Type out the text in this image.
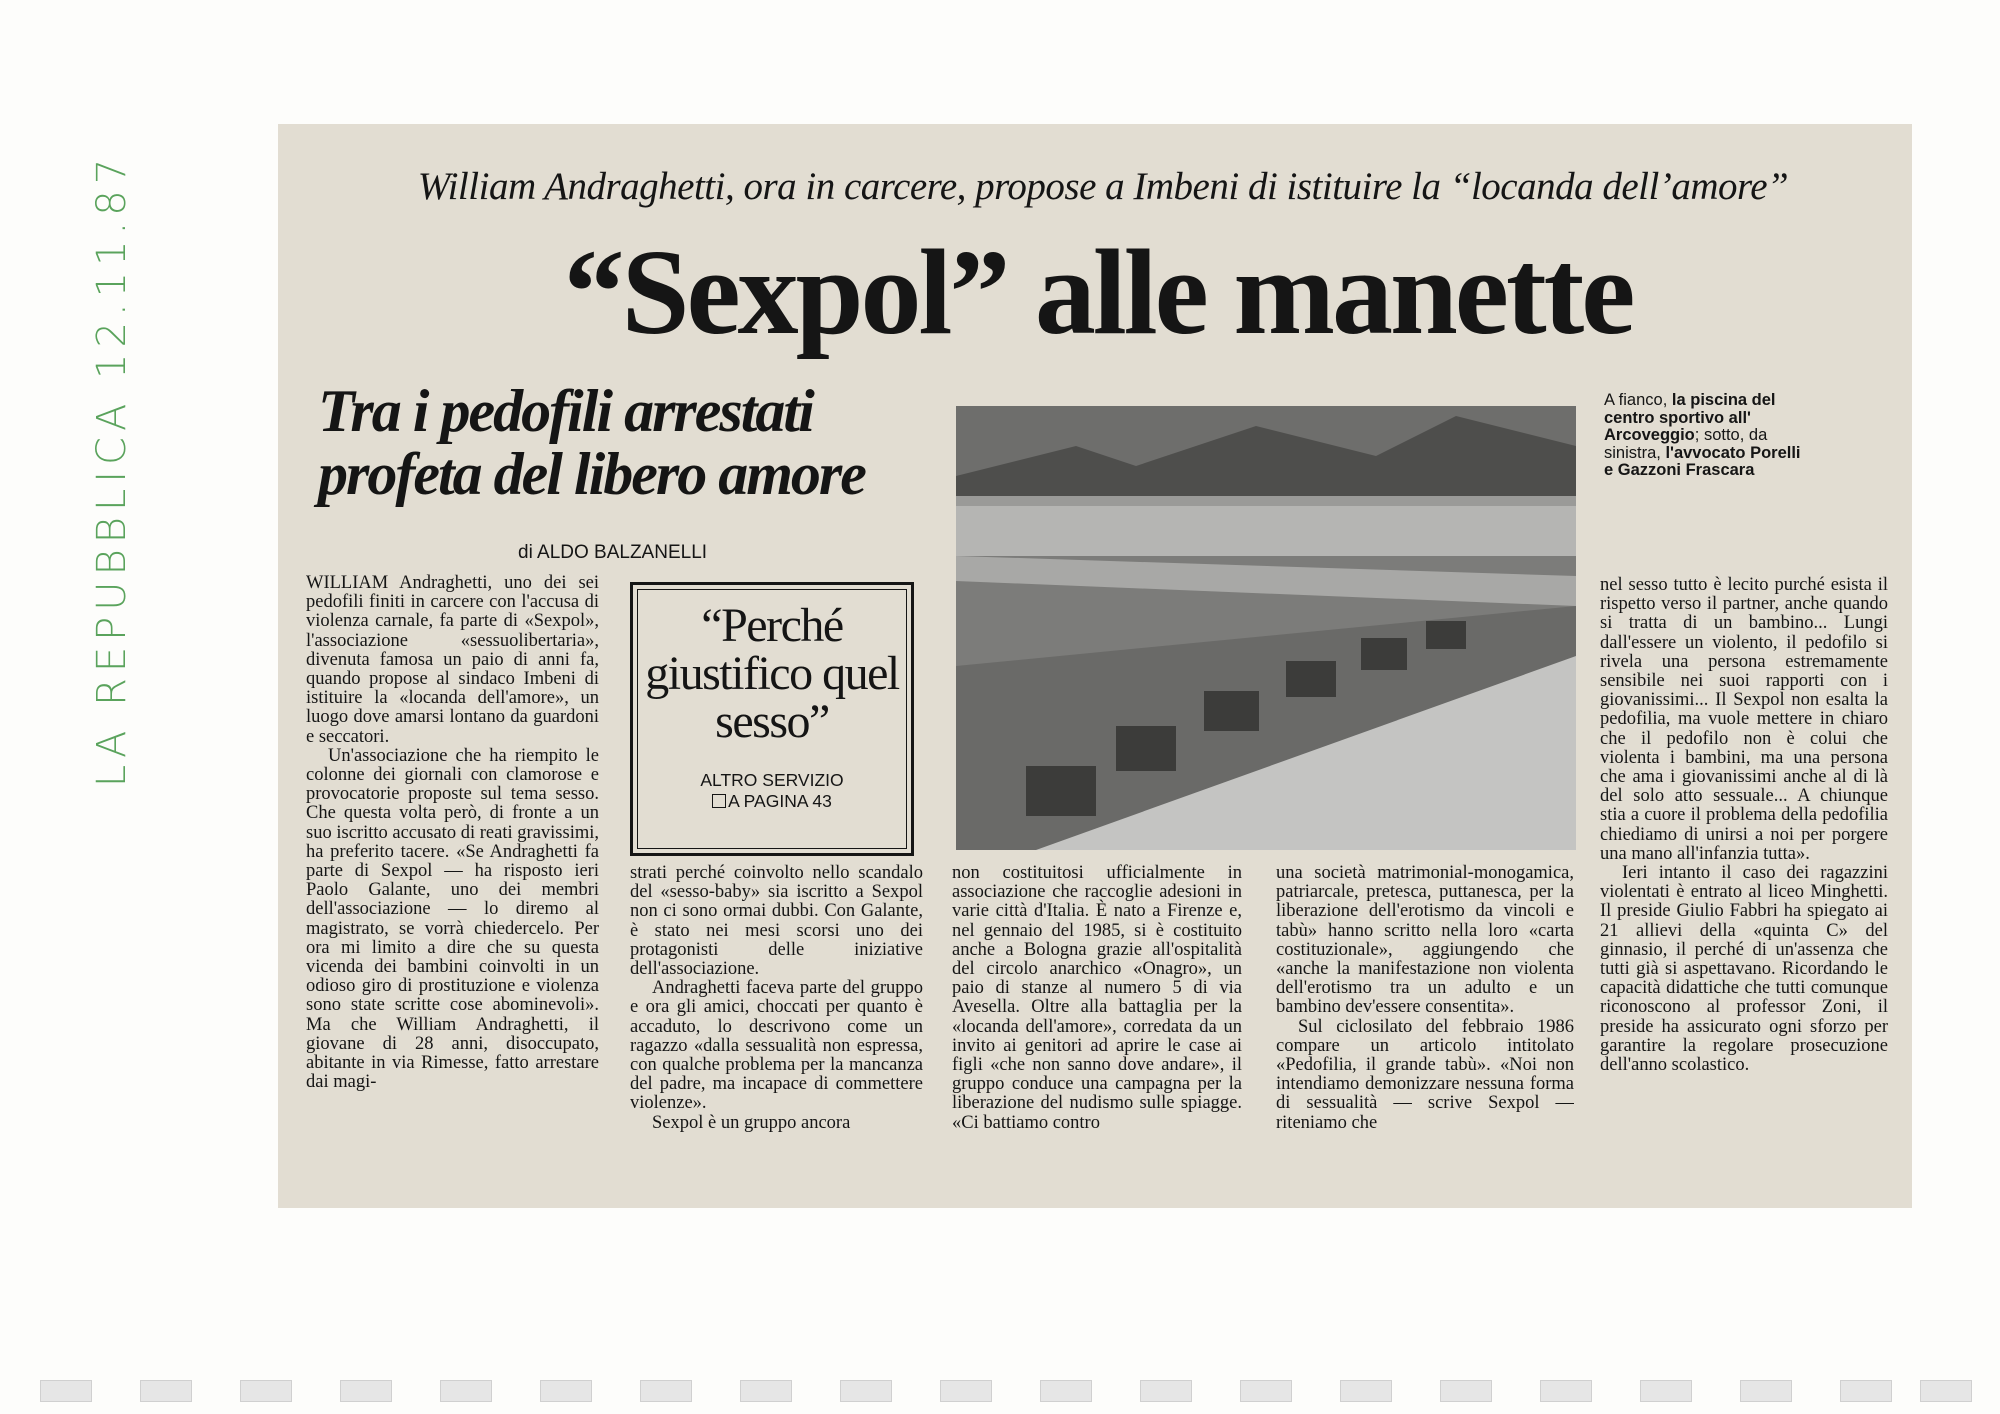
LA REPUBBLICA 12.11.87	William Andraghetti, ora in carcere, propose a Imbeni di istituire la “locanda dell’amore”
“Sexpol” alle manette
Tra i pedofili arrestati
profeta del libero amore
di ALDO BALZANELLI

WILLIAM Andraghetti, uno dei sei pedofili finiti in carcere con l'accusa di violenza carnale, fa parte di «Sexpol», l'associazione «sessuolibertaria», divenuta famosa un paio di anni fa, quando propose al sindaco Imbeni di istituire la «locanda dell'amore», un luogo dove amarsi lontano da guardoni e seccatori.

Un'associazione che ha riempito le colonne dei giornali con clamorose e provocatorie proposte sul tema sesso. Che questa volta però, di fronte a un suo iscritto accusato di reati gravissimi, ha preferito tacere. «Se Andraghetti fa parte di Sexpol — ha risposto ieri Paolo Galante, uno dei membri dell'associazione — lo diremo al magistrato, se vorrà chiedercelo. Per ora mi limito a dire che su questa vicenda dei bambini coinvolti in un odioso giro di prostituzione e violenza sono state scritte cose abominevoli». Ma che William Andraghetti, il giovane di 28 anni, disoccupato, abitante in via Rimesse, fatto arrestare dai magi-

“Perché giustifico quel sesso”
ALTRO SERVIZIO
A PAGINA 43
A fianco, la piscina del centro sportivo all' Arcoveggio; sotto, da sinistra, l'avvocato Porelli e Gazzoni Frascara

strati perché coinvolto nello scandalo del «sesso-baby» sia iscritto a Sexpol non ci sono ormai dubbi. Con Galante, è stato nei mesi scorsi uno dei protagonisti delle iniziative dell'associazione.

Andraghetti faceva parte del gruppo e ora gli amici, choccati per quanto è accaduto, lo descrivono come un ragazzo «dalla sessualità non espressa, con qualche problema per la mancanza del padre, ma incapace di commettere violenze».

Sexpol è un gruppo ancora

non costituitosi ufficialmente in associazione che raccoglie adesioni in varie città d'Italia. È nato a Firenze e, nel gennaio del 1985, si è costituito anche a Bologna grazie all'ospitalità del circolo anarchico «Onagro», un paio di stanze al numero 5 di via Avesella. Oltre alla battaglia per la «locanda dell'amore», corredata da un invito ai genitori ad aprire le case ai figli «che non sanno dove andare», il gruppo conduce una campagna per la liberazione del nudismo sulle spiagge. «Ci battiamo contro

una società matrimonial-monogamica, patriarcale, pretesca, puttanesca, per la liberazione dell'erotismo da vincoli e tabù» hanno scritto nella loro «carta costituzionale», aggiungendo che «anche la manifestazione non violenta dell'erotismo tra un adulto e un bambino dev'essere consentita».

Sul ciclosilato del febbraio 1986 compare un articolo intitolato «Pedofilia, il grande tabù». «Noi non intendiamo demonizzare nessuna forma di sessualità — scrive Sexpol — riteniamo che

nel sesso tutto è lecito purché esista il rispetto verso il partner, anche quando si tratta di un bambino... Lungi dall'essere un violento, il pedofilo si rivela una persona estremamente sensibile nei suoi rapporti con i giovanissimi... Il Sexpol non esalta la pedofilia, ma vuole mettere in chiaro che il pedofilo non è colui che violenta i bambini, ma una persona che ama i giovanissimi anche al di là del solo atto sessuale... A chiunque stia a cuore il problema della pedofilia chiediamo di unirsi a noi per porgere una mano all'infanzia tutta».

Ieri intanto il caso dei ragazzini violentati è entrato al liceo Minghetti. Il preside Giulio Fabbri ha spiegato ai 21 allievi della «quinta C» del ginnasio, il perché di un'assenza che tutti già si aspettavano. Ricordando le capacità didattiche che tutti comunque riconoscono al professor Zoni, il preside ha assicurato ogni sforzo per garantire la regolare prosecuzione dell'anno scolastico.
